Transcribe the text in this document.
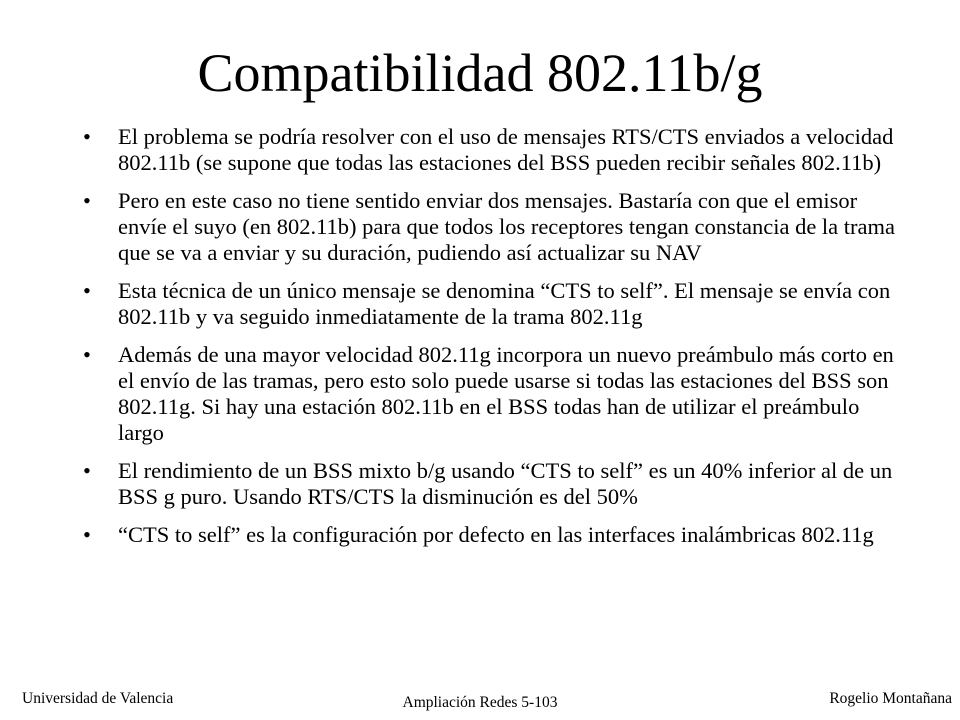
Compatibilidad 802.11b/g
• El problema se podría resolver con el uso de mensajes RTS/CTS enviados a velocidad 802.11b (se supone que todas las estaciones del BSS pueden recibir señales 802.11b)
• Pero en este caso no tiene sentido enviar dos mensajes. Bastaría con que el emisor envíe el suyo (en 802.11b) para que todos los receptores tengan constancia de la trama que se va a enviar y su duración, pudiendo así actualizar su NAV
• Esta técnica de un único mensaje se denomina “CTS to self”. El mensaje se envía con 802.11b y va seguido inmediatamente de la trama 802.11g
• Además de una mayor velocidad 802.11g incorpora un nuevo preámbulo más corto en el envío de las tramas, pero esto solo puede usarse si todas las estaciones del BSS son 802.11g. Si hay una estación 802.11b en el BSS todas han de utilizar el preámbulo largo
• El rendimiento de un BSS mixto b/g usando “CTS to self” es un 40% inferior al de un BSS g puro. Usando RTS/CTS la disminución es del 50%
• “CTS to self” es la configuración por defecto en las interfaces inalámbricas 802.11g
Universidad de Valencia	Ampliación Redes 5-103	Rogelio Montañana
